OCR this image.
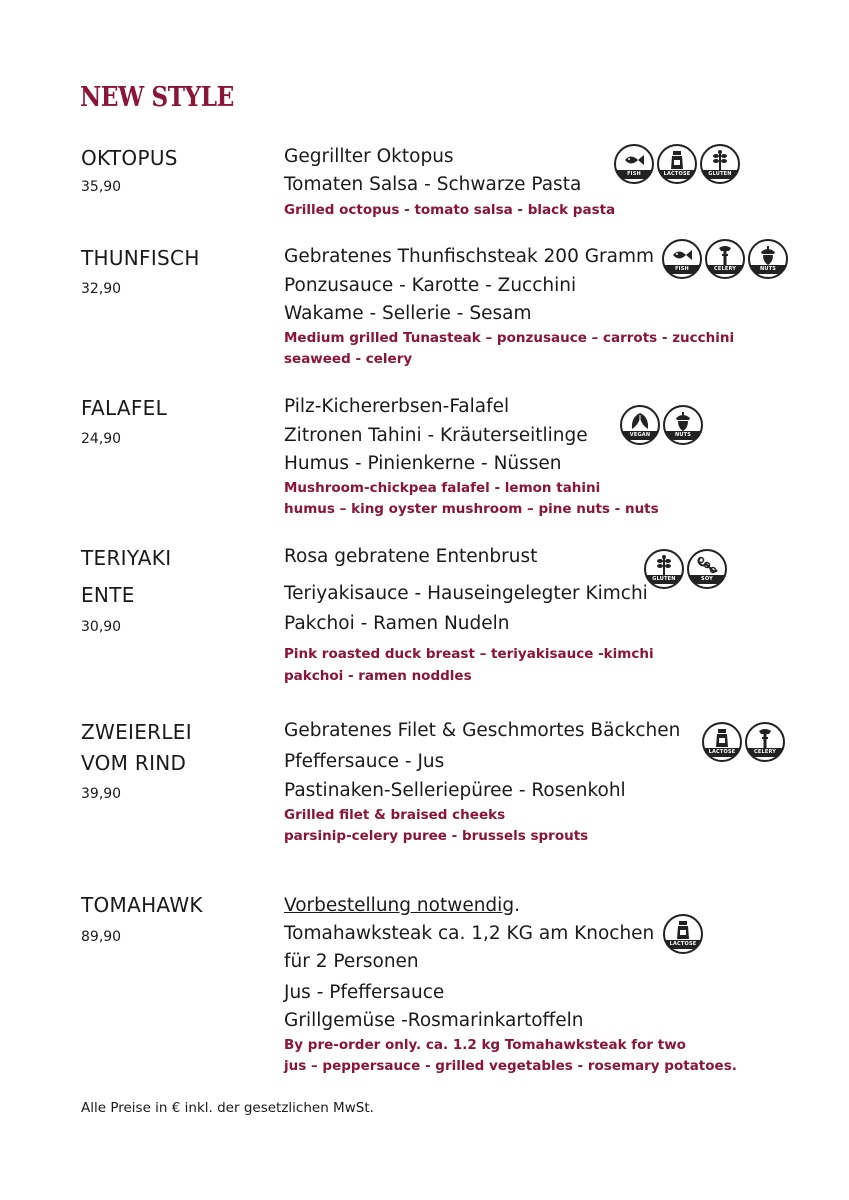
NEW STYLE
OKTOPUS
35,90
Gegrillter Oktopus
Tomaten Salsa - Schwarze Pasta
Grilled octopus - tomato salsa - black pasta
FISH	LACTOSE	GLUTEN
THUNFISCH
32,90
Gebratenes Thunfischsteak 200 Gramm
Ponzusauce - Karotte - Zucchini
Wakame - Sellerie - Sesam
Medium grilled Tunasteak – ponzusauce – carrots - zucchini
seaweed - celery
FISH	CELERY	NUTS
FALAFEL
24,90
Pilz-Kichererbsen-Falafel
Zitronen Tahini - Kräuterseitlinge
Humus - Pinienkerne - Nüssen
Mushroom-chickpea falafel - lemon tahini
humus – king oyster mushroom – pine nuts - nuts
VEGAN	NUTS
TERIYAKI
ENTE
30,90
Rosa gebratene Entenbrust
Teriyakisauce - Hauseingelegter Kimchi
Pakchoi - Ramen Nudeln
Pink roasted duck breast – teriyakisauce -kimchi
pakchoi - ramen noddles
GLUTEN	SOY
ZWEIERLEI
VOM RIND
39,90
Gebratenes Filet & Geschmortes Bäckchen
Pfeffersauce - Jus
Pastinaken-Selleriepüree - Rosenkohl
Grilled filet & braised cheeks
parsinip-celery puree - brussels sprouts
LACTOSE	CELERY
TOMAHAWK
89,90
Vorbestellung notwendig.
Tomahawksteak ca. 1,2 KG am Knochen
für 2 Personen
Jus - Pfeffersauce
Grillgemüse -Rosmarinkartoffeln
By pre-order only. ca. 1.2 kg Tomahawksteak for two
jus – peppersauce - grilled vegetables - rosemary potatoes.
LACTOSE
Alle Preise in € inkl. der gesetzlichen MwSt.
